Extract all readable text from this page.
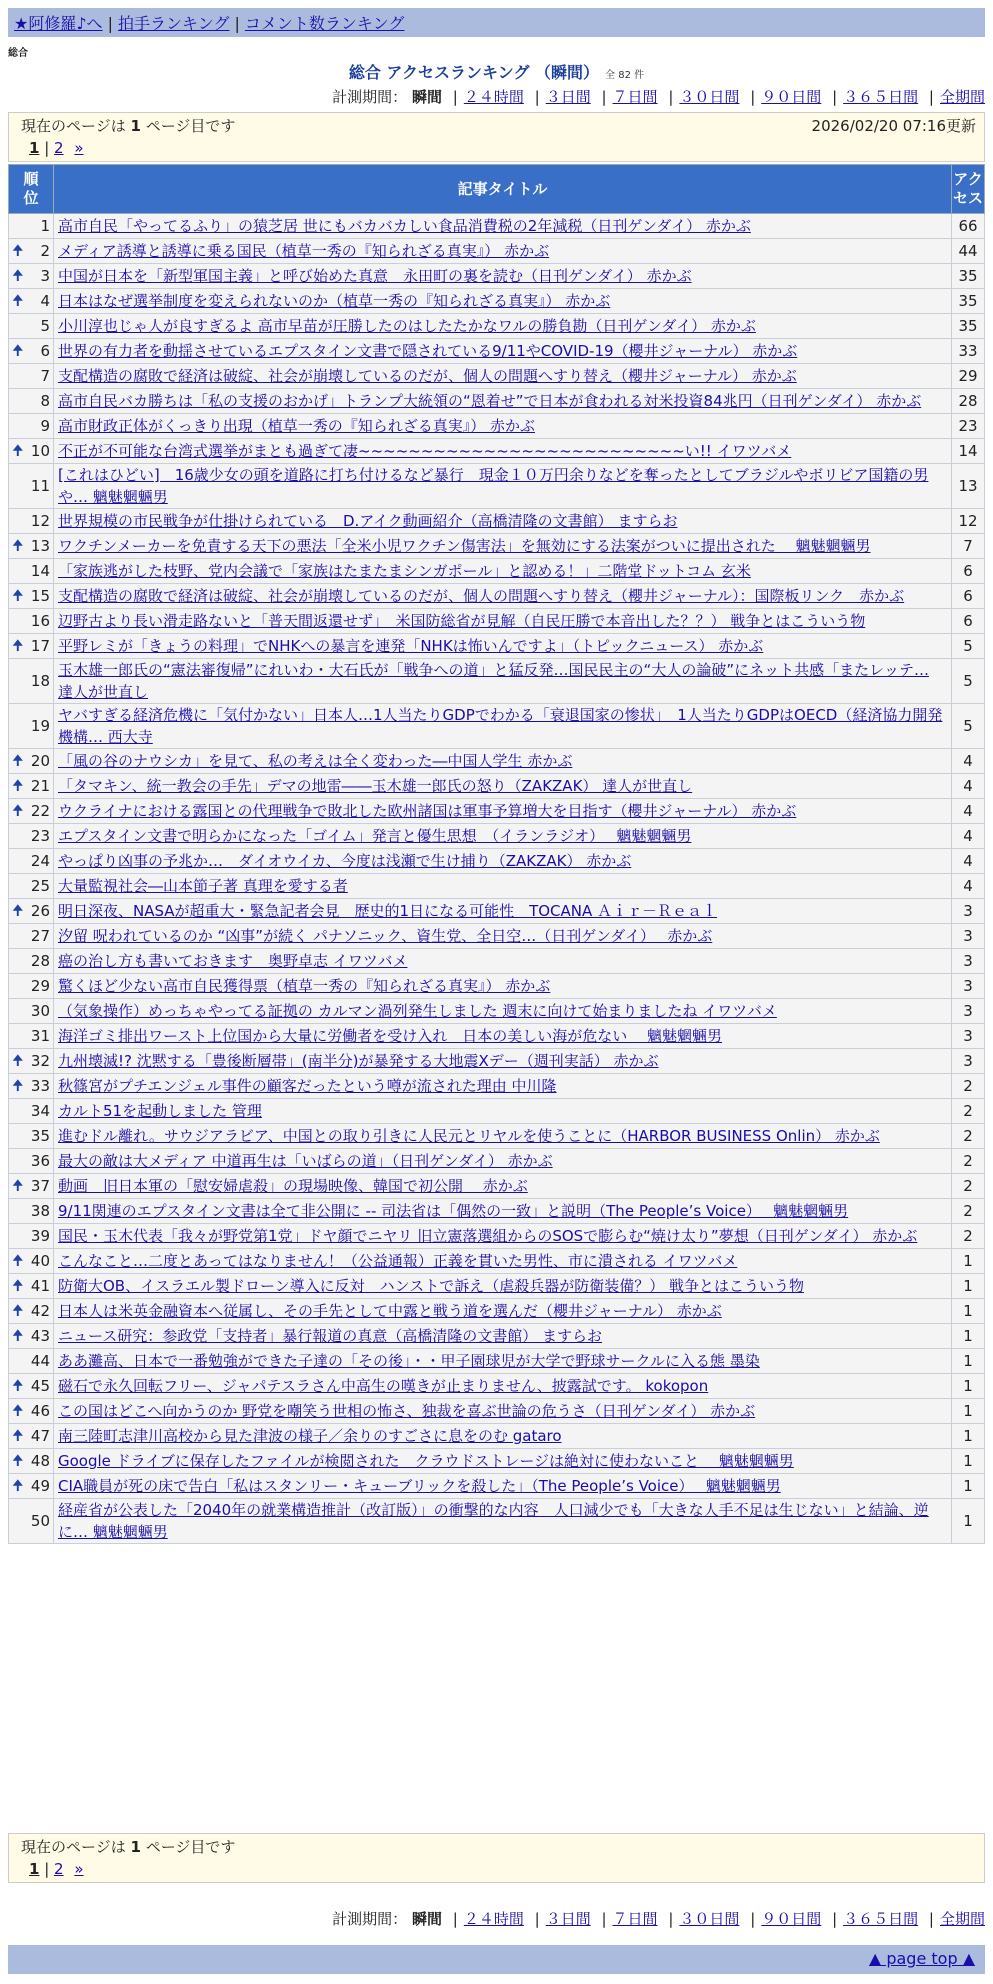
★阿修羅♪へ | 拍手ランキング | コメント数ランキング
総合
総合 アクセスランキング （瞬間） 全 82 件
計測期間： 瞬間 | ２４時間 | ３日間 | ７日間 | ３０日間 | ９０日間 | ３６５日間 | 全期間
現在のページは 1 ページ目です	2026/02/20 07:16更新
1 | 2 »
順位	記事タイトル	アクセス

1	高市自民「やってるふり」の猿芝居 世にもバカバカしい食品消費税の2年減税（日刊ゲンダイ） 赤かぶ	66

🠉 2	メディア誘導と誘導に乗る国民（植草一秀の『知られざる真実』） 赤かぶ	44

🠉 3	中国が日本を「新型軍国主義」と呼び始めた真意　永田町の裏を読む（日刊ゲンダイ） 赤かぶ	35

🠉 4	日本はなぜ選挙制度を変えられないのか（植草一秀の『知られざる真実』） 赤かぶ	35
5	小川淳也じゃ人が良すぎるよ 高市早苗が圧勝したのはしたたかなワルの勝負勘（日刊ゲンダイ） 赤かぶ	35

🠉 6	世界の有力者を動揺させているエプスタイン文書で隠されている9/11やCOVID-19（櫻井ジャーナル） 赤かぶ	33
7	支配構造の腐敗で経済は破綻、社会が崩壊しているのだが、個人の問題へすり替え（櫻井ジャーナル） 赤かぶ	29
8	高市自民バカ勝ちは「私の支援のおかげ」トランプ大統領の“恩着せ”で日本が食われる対米投資84兆円（日刊ゲンダイ） 赤かぶ	28
9	高市財政正体がくっきり出現（植草一秀の『知られざる真実』） 赤かぶ	23

🠉 10	不正が不可能な台湾式選挙がまとも過ぎて凄~~~~~~~~~~~~~~~~~~~~~~~~~~い!! イワツバメ	14
11	[これはひどい]　16歳少女の頭を道路に打ち付けるなど暴行　現金１０万円余りなどを奪ったとしてブラジルやボリビア国籍の男や… 魑魅魍魎男	13
12	世界規模の市民戦争が仕掛けられている　D.アイク動画紹介（高橋清隆の文書館） ますらお	12

🠉 13	ワクチンメーカーを免責する天下の悪法「全米小児ワクチン傷害法」を無効にする法案がついに提出された　 魑魅魍魎男	7
14	「家族逃がした枝野、党内会議で「家族はたまたまシンガポール」と認める！」二階堂ドットコム 玄米	6

🠉 15	支配構造の腐敗で経済は破綻、社会が崩壊しているのだが、個人の問題へすり替え（櫻井ジャーナル）：国際板リンク　赤かぶ	6
16	辺野古より長い滑走路ないと「普天間返還せず」　米国防総省が見解（自民圧勝で本音出した？？） 戦争とはこういう物	6

🠉 17	平野レミが「きょうの料理」でNHKへの暴言を連発「NHKは怖いんですよ」（トピックニュース） 赤かぶ	5
18	玉木雄一郎氏の“憲法審復帰”にれいわ・大石氏が「戦争への道」と猛反発…国民民主の“大人の論破”にネット共感「またレッテ… 達人が世直し	5
19	ヤバすぎる経済危機に「気付かない」日本人…1人当たりGDPでわかる「衰退国家の惨状」　1人当たりGDPはOECD（経済協力開発機構… 西大寺	5

🠉 20	「風の谷のナウシカ」を見て、私の考えは全く変わった―中国人学生 赤かぶ	4

🠉 21	「タマキン、統一教会の手先」デマの地雷――玉木雄一郎氏の怒り（ZAKZAK） 達人が世直し	4

🠉 22	ウクライナにおける露国との代理戦争で敗北した欧州諸国は軍事予算増大を目指す（櫻井ジャーナル） 赤かぶ	4
23	エプスタイン文書で明らかになった「ゴイム」発言と優生思想　（イランラジオ）　 魑魅魍魎男	4
24	やっぱり凶事の予兆か…　ダイオウイカ、今度は浅瀬で生け捕り（ZAKZAK） 赤かぶ	4
25	大量監視社会―山本節子著 真理を愛する者	4

🠉 26	明日深夜、NASAが超重大・緊急記者会見　歴史的1日になる可能性　TOCANA Ａｉｒ－Ｒｅａｌ	3
27	汐留 呪われているのか “凶事”が続く パナソニック、資生党、全日空…（日刊ゲンダイ）　 赤かぶ	3
28	癌の治し方も書いておきます　奥野卓志 イワツバメ	3
29	驚くほど少ない高市自民獲得票（植草一秀の『知られざる真実』） 赤かぶ	3
30	（気象操作）めっちゃやってる証拠の カルマン渦列発生しました 週末に向けて始まりましたね イワツバメ	3
31	海洋ゴミ排出ワースト上位国から大量に労働者を受け入れ　日本の美しい海が危ない　 魑魅魍魎男	3

🠉 32	九州壊滅!? 沈黙する「豊後断層帯」(南半分)が暴発する大地震Xデー（週刊実話） 赤かぶ	3

🠉 33	秋篠宮がプチエンジェル事件の顧客だったという噂が流された理由 中川隆	2
34	カルト51を起動しました 管理	2
35	進むドル離れ。サウジアラビア、中国との取り引きに人民元とリヤルを使うことに（HARBOR BUSINESS Onlin） 赤かぶ	2
36	最大の敵は大メディア 中道再生は「いばらの道」（日刊ゲンダイ） 赤かぶ	2

🠉 37	動画　旧日本軍の「慰安婦虐殺」の現場映像、韓国で初公開　 赤かぶ	2
38	9/11関連のエプスタイン文書は全て非公開に -- 司法省は「偶然の一致」と説明（The People’s Voice）　 魑魅魍魎男	2
39	国民・玉木代表「我々が野党第1党」ドヤ顔でニヤリ 旧立憲落選組からのSOSで膨らむ“焼け太り”夢想（日刊ゲンダイ） 赤かぶ	2

🠉 40	こんなこと…二度とあってはなりません！（公益通報）正義を貫いた男性、市に潰される イワツバメ	1

🠉 41	防衛大OB、イスラエル製ドローン導入に反対　ハンストで訴え（虐殺兵器が防衛装備？） 戦争とはこういう物	1

🠉 42	日本人は米英金融資本へ従属し、その手先として中露と戦う道を選んだ（櫻井ジャーナル） 赤かぶ	1

🠉 43	ニュース研究：参政党「支持者」暴行報道の真意（高橋清隆の文書館） ますらお	1
44	ああ灘高、日本で一番勉強ができた子達の「その後」・・甲子園球児が大学で野球サークルに入る態 墨染	1

🠉 45	磁石で永久回転フリー、ジャパテスラさん中高生の嘆きが止まりません、披露試です。 kokopon	1

🠉 46	この国はどこへ向かうのか 野党を嘲笑う世相の怖さ、独裁を喜ぶ世論の危うさ（日刊ゲンダイ） 赤かぶ	1

🠉 47	南三陸町志津川高校から見た津波の様子／余りのすごさに息をのむ gataro	1

🠉 48	Google ドライブに保存したファイルが検閲された　クラウドストレージは絶対に使わないこと　 魑魅魍魎男	1

🠉 49	CIA職員が死の床で告白「私はスタンリー・キューブリックを殺した」（The People’s Voice）　 魑魅魍魎男	1
50	経産省が公表した「2040年の就業構造推計（改訂版）」の衝撃的な内容　人口減少でも「大きな人手不足は生じない」と結論、逆に… 魑魅魍魎男	1
現在のページは 1 ページ目です
1 | 2 »
計測期間： 瞬間 | ２４時間 | ３日間 | ７日間 | ３０日間 | ９０日間 | ３６５日間 | 全期間
▲ page top ▲
